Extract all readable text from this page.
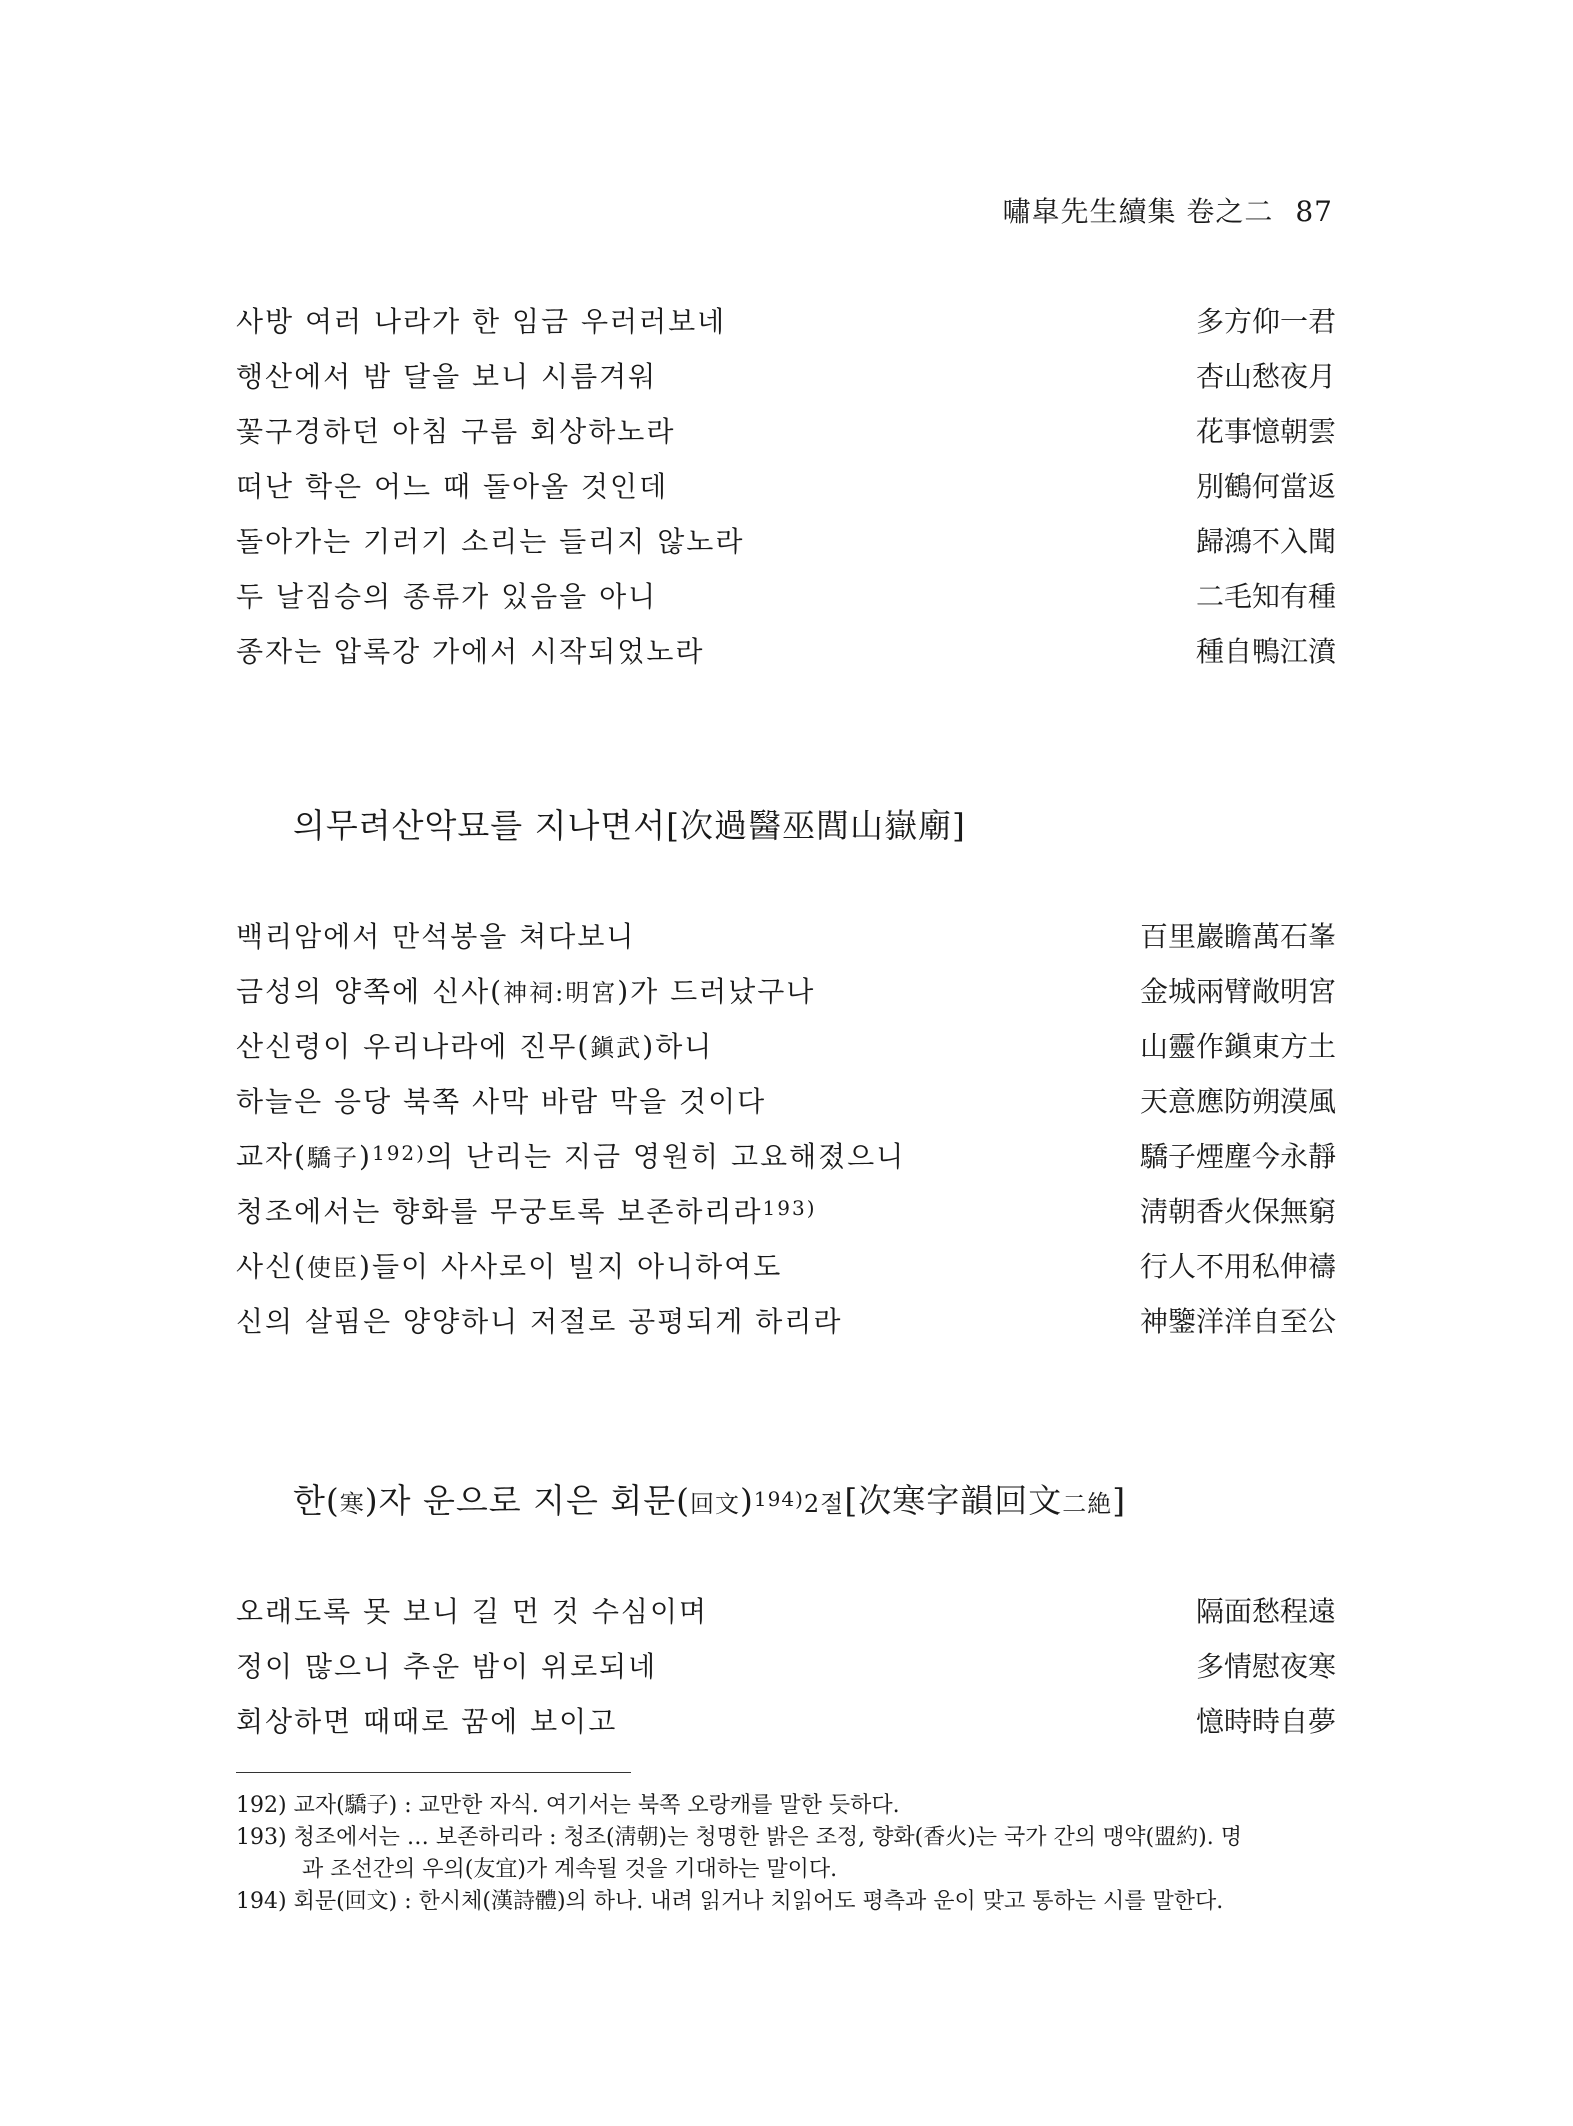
嘯皐先生續集 卷之二 87
사방 여러 나라가 한 임금 우러러보네	多方仰一君
행산에서 밤 달을 보니 시름겨워	杏山愁夜月
꽃구경하던 아침 구름 회상하노라	花事憶朝雲
떠난 학은 어느 때 돌아올 것인데	別鶴何當返
돌아가는 기러기 소리는 들리지 않노라	歸鴻不入聞
두 날짐승의 종류가 있음을 아니	二毛知有種
종자는 압록강 가에서 시작되었노라	種自鴨江濆
의무려산악묘를 지나면서[次過醫巫閭山嶽廟]
백리암에서 만석봉을 쳐다보니	百里巖瞻萬石峯
금성의 양쪽에 신사(神祠:明宮)가 드러났구나	金城兩臂敞明宮
산신령이 우리나라에 진무(鎭武)하니	山靈作鎭東方土
하늘은 응당 북쪽 사막 바람 막을 것이다	天意應防朔漠風
교자(驕子)$^{192)}$의 난리는 지금 영원히 고요해졌으니	驕子煙塵今永靜
청조에서는 향화를 무궁토록 보존하리라$^{193)}$	淸朝香火保無窮
사신(使臣)들이 사사로이 빌지 아니하여도	行人不用私伸禱
신의 살핌은 양양하니 저절로 공평되게 하리라	神鑒洋洋自至公
한(寒)자 운으로 지은 회문(回文)$^{194)}$2절[次寒字韻回文二絶]
오래도록 못 보니 길 먼 것 수심이며	隔面愁程遠
정이 많으니 추운 밤이 위로되네	多情慰夜寒
회상하면 때때로 꿈에 보이고	憶時時自夢
192) 교자(驕子) : 교만한 자식. 여기서는 북쪽 오랑캐를 말한 듯하다.
193) 청조에서는 … 보존하리라 : 청조(淸朝)는 청명한 밝은 조정, 향화(香火)는 국가 간의 맹약(盟約). 명
과 조선간의 우의(友宜)가 계속될 것을 기대하는 말이다.
194) 회문(回文) : 한시체(漢詩體)의 하나. 내려 읽거나 치읽어도 평측과 운이 맞고 통하는 시를 말한다.
